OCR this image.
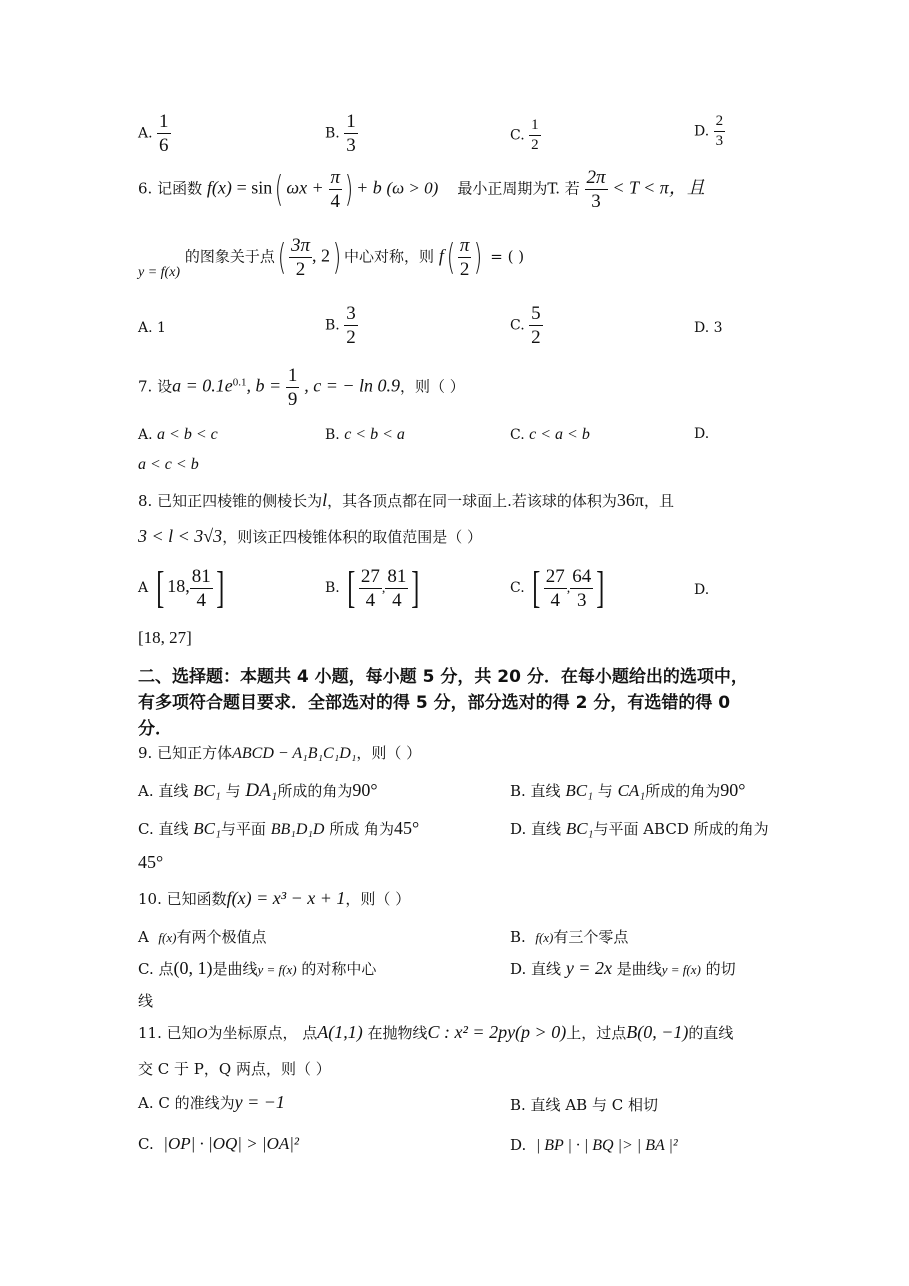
A. $\frac{1}{6}$	B. $\frac{1}{3}$	C. $\frac{1}{2}$	D. $\frac{2}{3}$
6. 记函数 f(x) = sin( $\omega x + \frac{\pi}{4}$ ) + b (ω > 0) 最小正周期为T. 若 $\frac{2\pi}{3} < T < \pi$，且
y = f(x) 的图象关于点( $\frac{3\pi}{2}$ , 2) 中心对称，则 $f( \frac{\pi}{2}$ ) = ( )
A. 1	B. $\frac{3}{2}$	C. $\frac{5}{2}$	D. 3
7. 设$a = 0.1e^{0.1}$, $b = \frac{1}{9}$ , c = − ln 0.9，则（ ）
A. a < b < c	B. c < b < a	C. c < a < b	D.
a < c < b
8. 已知正四棱锥的侧棱长为l，其各顶点都在同一球面上.若该球的体积为36π，且
3 < l < 3√3，则该正四棱锥体积的取值范围是（ ）
A [ 18, $\frac{81}{4}$ ]	B. [ $\frac{27}{4}$ , $\frac{81}{4}$ ]	C. [ $\frac{27}{4}$ , $\frac{64}{3}$ ]	D.
[18, 27]
二、选择题：本题共 4 小题，每小题 5 分，共 20 分．在每小题给出的选项中，
有多项符合题目要求．全部选对的得 5 分，部分选对的得 2 分，有选错的得 0
分．
9. 已知正方体ABCD − A₁B₁C₁D₁，则（ ）
A. 直线 BC₁ 与 DA₁所成的角为90°	B. 直线 BC₁ 与 CA₁所成的角为90°
C. 直线 BC₁与平面 BB₁D₁D 所成 角为45°	D. 直线 BC₁与平面 ABCD 所成的角为
45°
10. 已知函数f(x) = x³ − x + 1，则（ ）
A f(x)有两个极值点	B. f(x)有三个零点
C. 点(0, 1)是曲线y = f(x) 的对称中心	D. 直线 y = 2x 是曲线y = f(x) 的切
线
11. 已知O为坐标原点， 点A(1,1) 在抛物线C : x² = 2py(p > 0)上，过点B(0, −1)的直线
交 C 于 P，Q 两点，则（ ）
A. C 的准线为y = −1	B. 直线 AB 与 C 相切
C. |OP| · |OQ| > |OA|²	D. | BP | · | BQ |> | BA |²
